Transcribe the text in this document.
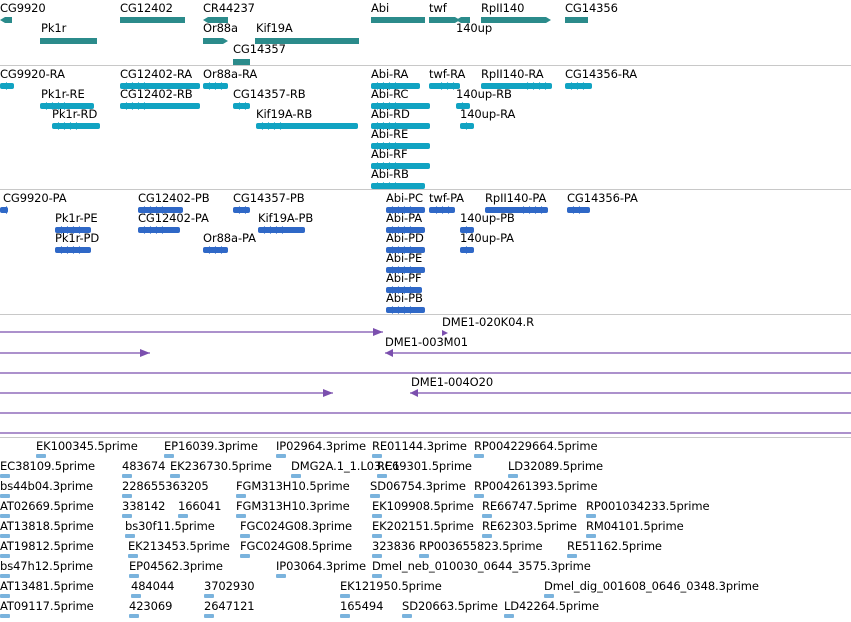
CG9920
Pk1r
CG12402	CR44237
Or88a Kif19A
CG14357
Abi	twf	RpII140
140up
CG14356
CG9920-RA	CG12402-RA Or88a-RA	Abi-RA twf-RA RpII140-RA CG14356-RA
Pk1r-RE	CG12402-RB	CG14357-RB	Abi-RC	140up-RB
Pk1r-RD	Kif19A-RB	Abi-RD	140up-RA
Abi-RE
Abi-RF
Abi-RB
CG9920-PA	CG12402-PB CG14357-PB	Abi-PC twf-PA RpII140-PA CG14356-PA
Pk1r-PE	CG12402-PA	Kif19A-PB	Abi-PA	140up-PB
Pk1r-PD	Or88a-PA	Abi-PD	140up-PA
Abi-PE
Abi-PF
Abi-PB
DME1-020K04.R
DME1-003M01
DME1-004O20
EK100345.5prime EP16039.3prime IP02964.3prime RE01144.3prime RP004229664.5prime
EC38109.5prime 483674 EK236730.5prime DMG2A.1_1.L03.C1
RE69301.5prime	LD32089.5prime
bs44b04.3prime	228655363205 FGM313H10.5prime SD06754.3prime RP004261393.5prime
AT02669.5prime 338142 166041 FGM313H10.3prime EK109908.5prime RE66747.5prime RP001034233.5prime
AT13818.5prime	bs30f11.5prime FGC024G08.3prime EK202151.5prime RE62303.5prime RM04101.5prime
AT19812.5prime	EK213453.5prime FGC024G08.5prime 323836 RP003655823.5prime RE51162.5prime
bs47h12.5prime	EP04562.3prime	IP03064.3prime Dmel_neb_010030_0644_3575.3prime
AT13481.5prime	484044	3702930	EK121950.5prime	Dmel_dig_001608_0646_0348.3prime
AT09117.5prime	423069	2647121	165494 SD20663.5prime LD42264.5prime
